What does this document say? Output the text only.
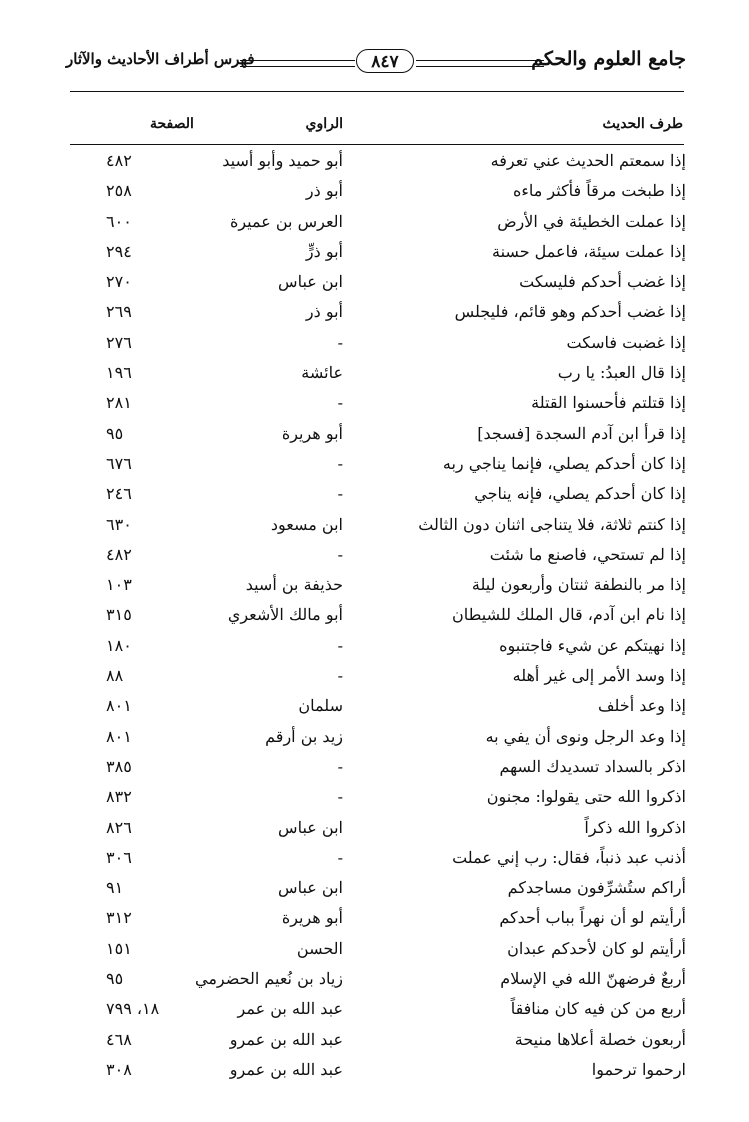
جامع العلوم والحكم
٨٤٧
فهرس أطراف الأحاديث والآثار
طرف الحديث
الراوي
الصفحة
إذا سمعتم الحديث عني تعرفه
أبو حميد وأبو أسيد
٤٨٢
إذا طبخت مرقاً فأكثر ماءه
أبو ذر
٢٥٨
إذا عملت الخطيئة في الأرض
العرس بن عميرة
٦٠٠
إذا عملت سيئة، فاعمل حسنة
أبو ذرٍّ
٢٩٤
إذا غضب أحدكم فليسكت
ابن عباس
٢٧٠
إذا غضب أحدكم وهو قائم، فليجلس
أبو ذر
٢٦٩
إذا غضبت فاسكت
-
٢٧٦
إذا قال العبدُ: يا رب
عائشة
١٩٦
إذا قتلتم فأحسنوا القتلة
-
٢٨١
إذا قرأ ابن آدم السجدة [فسجد]
أبو هريرة
٩٥
إذا كان أحدكم يصلي، فإنما يناجي ربه
-
٦٧٦
إذا كان أحدكم يصلي، فإنه يناجي
-
٢٤٦
إذا كنتم ثلاثة، فلا يتناجى اثنان دون الثالث
ابن مسعود
٦٣٠
إذا لم تستحي، فاصنع ما شئت
-
٤٨٢
إذا مر بالنطفة ثنتان وأربعون ليلة
حذيفة بن أسيد
١٠٣
إذا نام ابن آدم، قال الملك للشيطان
أبو مالك الأشعري
٣١٥
إذا نهيتكم عن شيء فاجتنبوه
-
١٨٠
إذا وسد الأمر إلى غير أهله
-
٨٨
إذا وعد أخلف
سلمان
٨٠١
إذا وعد الرجل ونوى أن يفي به
زيد بن أرقم
٨٠١
اذكر بالسداد تسديدك السهم
-
٣٨٥
اذكروا الله حتى يقولوا: مجنون
-
٨٣٢
اذكروا الله ذكراً
ابن عباس
٨٢٦
أذنب عبد ذنباً، فقال: رب إني عملت
-
٣٠٦
أراكم ستُشرِّفون مساجدكم
ابن عباس
٩١
أرأيتم لو أن نهراً بباب أحدكم
أبو هريرة
٣١٢
أرأيتم لو كان لأحدكم عبدان
الحسن
١٥١
أربعٌ فرضهنّ الله في الإسلام
زياد بن نُعيم الحضرمي
٩٥
أربع من كن فيه كان منافقاً
عبد الله بن عمر
١٨، ٧٩٩
أربعون خصلة أعلاها منيحة
عبد الله بن عمرو
٤٦٨
ارحموا ترحموا
عبد الله بن عمرو
٣٠٨
